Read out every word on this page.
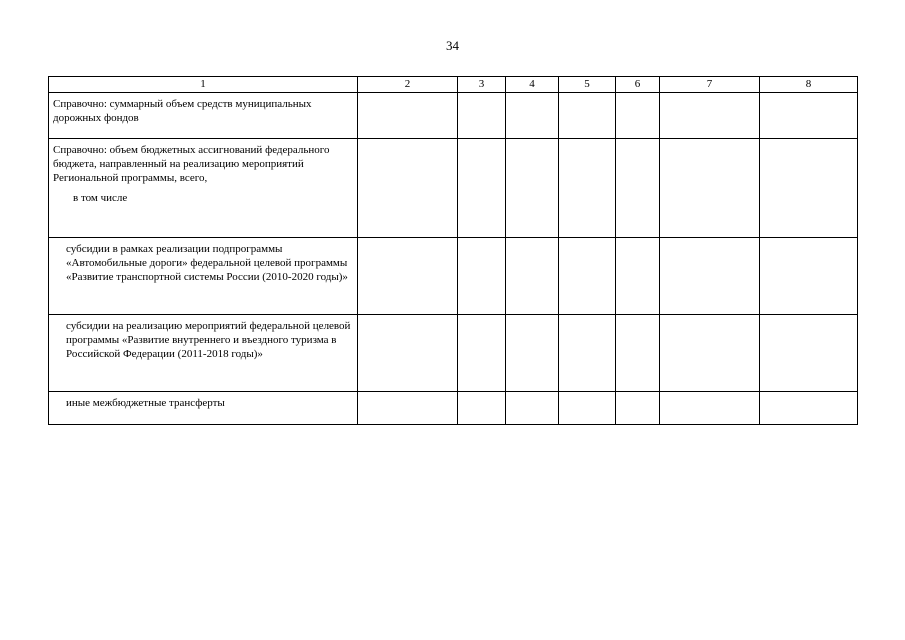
34
1	2	3	4	5	6	7	8
Справочно: суммарный объем средств муниципальных дорожных фондов							
Справочно: объем бюджетных ассигнований федерального бюджета, направленный на реализацию мероприятий Региональной программы, всего,
в том числе							

субсидии в рамках реализации подпрограммы «Автомобильные дороги» федеральной целевой программы «Развитие транспортной системы России (2010-2020 годы)»							
субсидии на реализацию мероприятий федеральной целевой программы «Развитие внутреннего и въездного туризма в Российской Федерации (2011-2018 годы)»							
иные межбюджетные трансферты							
